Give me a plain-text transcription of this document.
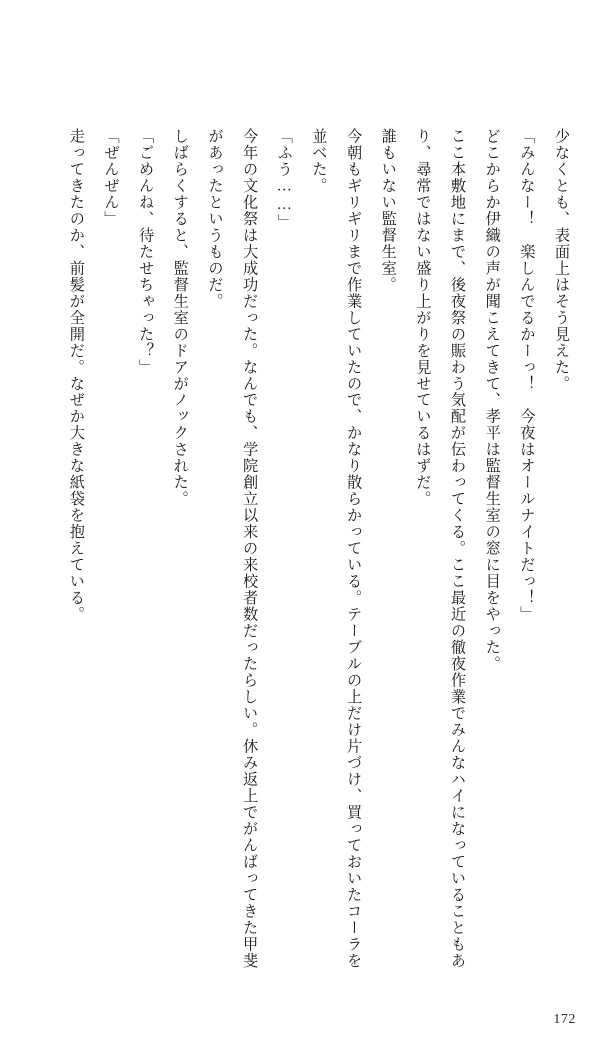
少なくとも、表面上はそう見えた。

「みんなー！　楽しんでるかーっ！　今夜はオールナイトだっ！」

どこからか伊織の声が聞こえてきて、孝平は監督生室の窓に目をやった。

ここ本敷地にまで、後夜祭の賑わう気配が伝わってくる。ここ最近の徹夜作業でみんなハイになっていることもあり、尋常ではない盛り上がりを見せているはずだ。

誰もいない監督生室。

今朝もギリギリまで作業していたので、かなり散らかっている。テーブルの上だけ片づけ、買っておいたコーラを並べた。

「ふう……」

今年の文化祭は大成功だった。なんでも、学院創立以来の来校者数だったらしい。休み返上でがんばってきた甲斐があったというものだ。

しばらくすると、監督生室のドアがノックされた。

「ごめんね、待たせちゃった？」

「ぜんぜん」

走ってきたのか、前髪が全開だ。なぜか大きな紙袋を抱えている。

172
